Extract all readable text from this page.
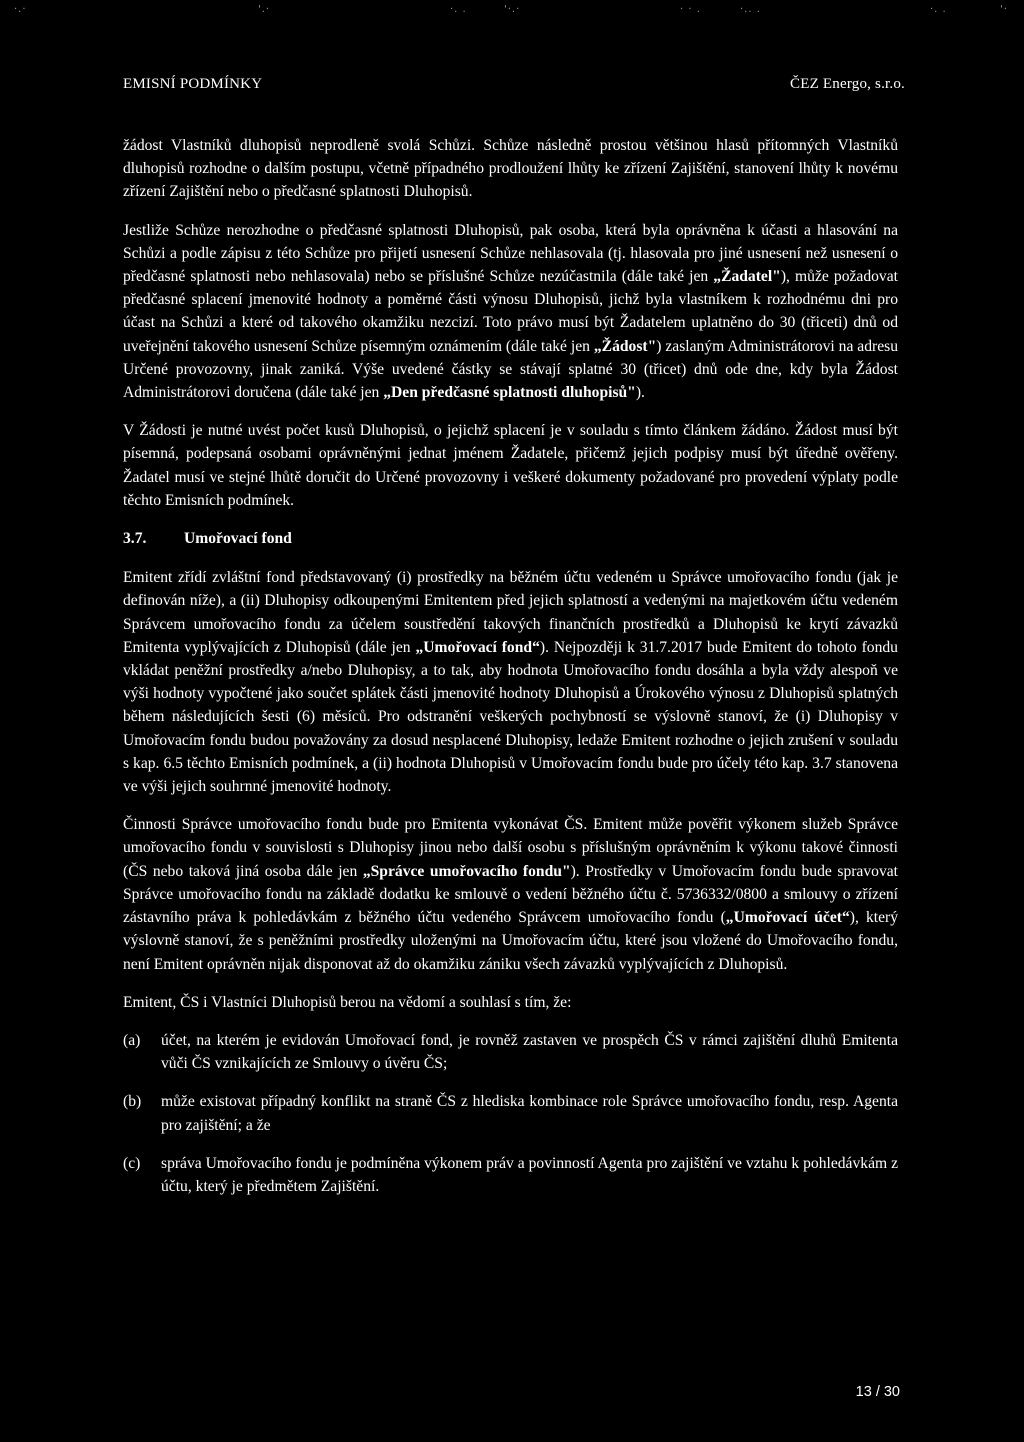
·.·

	'.·

	·. .

	'·.·

	· · .

	·.. .

	·. .

	'·

EMISNÍ PODMÍNKY	ČEZ Energo, s.r.o.

žádost Vlastníků dluhopisů neprodleně svolá Schůzi. Schůze následně prostou většinou hlasů přítomných Vlastníků dluhopisů rozhodne o dalším postupu, včetně případného prodloužení lhůty ke zřízení Zajištění, stanovení lhůty k novému zřízení Zajištění nebo o předčasné splatnosti Dluhopisů.

Jestliže Schůze nerozhodne o předčasné splatnosti Dluhopisů, pak osoba, která byla oprávněna k účasti a hlasování na Schůzi a podle zápisu z této Schůze pro přijetí usnesení Schůze nehlasovala (tj. hlasovala pro jiné usnesení než usnesení o předčasné splatnosti nebo nehlasovala) nebo se příslušné Schůze nezúčastnila (dále také jen „Žadatel"), může požadovat předčasné splacení jmenovité hodnoty a poměrné části výnosu Dluhopisů, jichž byla vlastníkem k rozhodnému dni pro účast na Schůzi a které od takového okamžiku nezcizí. Toto právo musí být Žadatelem uplatněno do 30 (třiceti) dnů od uveřejnění takového usnesení Schůze písemným oznámením (dále také jen „Žádost") zaslaným Administrátorovi na adresu Určené provozovny, jinak zaniká. Výše uvedené částky se stávají splatné 30 (třicet) dnů ode dne, kdy byla Žádost Administrátorovi doručena (dále také jen „Den předčasné splatnosti dluhopisů").

V Žádosti je nutné uvést počet kusů Dluhopisů, o jejichž splacení je v souladu s tímto článkem žádáno. Žádost musí být písemná, podepsaná osobami oprávněnými jednat jménem Žadatele, přičemž jejich podpisy musí být úředně ověřeny. Žadatel musí ve stejné lhůtě doručit do Určené provozovny i veškeré dokumenty požadované pro provedení výplaty podle těchto Emisních podmínek.

3.7. Umořovací fond

Emitent zřídí zvláštní fond představovaný (i) prostředky na běžném účtu vedeném u Správce umořovacího fondu (jak je definován níže), a (ii) Dluhopisy odkoupenými Emitentem před jejich splatností a vedenými na majetkovém účtu vedeném Správcem umořovacího fondu za účelem soustředění takových finančních prostředků a Dluhopisů ke krytí závazků Emitenta vyplývajících z Dluhopisů (dále jen „Umořovací fond“). Nejpozději k 31.7.2017 bude Emitent do tohoto fondu vkládat peněžní prostředky a/nebo Dluhopisy, a to tak, aby hodnota Umořovacího fondu dosáhla a byla vždy alespoň ve výši hodnoty vypočtené jako součet splátek části jmenovité hodnoty Dluhopisů a Úrokového výnosu z Dluhopisů splatných během následujících šesti (6) měsíců. Pro odstranění veškerých pochybností se výslovně stanoví, že (i) Dluhopisy v Umořovacím fondu budou považovány za dosud nesplacené Dluhopisy, ledaže Emitent rozhodne o jejich zrušení v souladu s kap. 6.5 těchto Emisních podmínek, a (ii) hodnota Dluhopisů v Umořovacím fondu bude pro účely této kap. 3.7 stanovena ve výši jejich souhrnné jmenovité hodnoty.

Činnosti Správce umořovacího fondu bude pro Emitenta vykonávat ČS. Emitent může pověřit výkonem služeb Správce umořovacího fondu v souvislosti s Dluhopisy jinou nebo další osobu s příslušným oprávněním k výkonu takové činnosti (ČS nebo taková jiná osoba dále jen „Správce umořovacího fondu"). Prostředky v Umořovacím fondu bude spravovat Správce umořovacího fondu na základě dodatku ke smlouvě o vedení běžného účtu č. 5736332/0800 a smlouvy o zřízení zástavního práva k pohledávkám z běžného účtu vedeného Správcem umořovacího fondu („Umořovací účet“), který výslovně stanoví, že s peněžními prostředky uloženými na Umořovacím účtu, které jsou vložené do Umořovacího fondu, není Emitent oprávněn nijak disponovat až do okamžiku zániku všech závazků vyplývajících z Dluhopisů.

Emitent, ČS i Vlastníci Dluhopisů berou na vědomí a souhlasí s tím, že:

(a)	účet, na kterém je evidován Umořovací fond, je rovněž zastaven ve prospěch ČS v rámci zajištění dluhů Emitenta vůči ČS vznikajících ze Smlouvy o úvěru ČS;
(b)	může existovat případný konflikt na straně ČS z hlediska kombinace role Správce umořovacího fondu, resp. Agenta pro zajištění; a že
(c)	správa Umořovacího fondu je podmíněna výkonem práv a povinností Agenta pro zajištění ve vztahu k pohledávkám z účtu, který je předmětem Zajištění.
13 / 30
